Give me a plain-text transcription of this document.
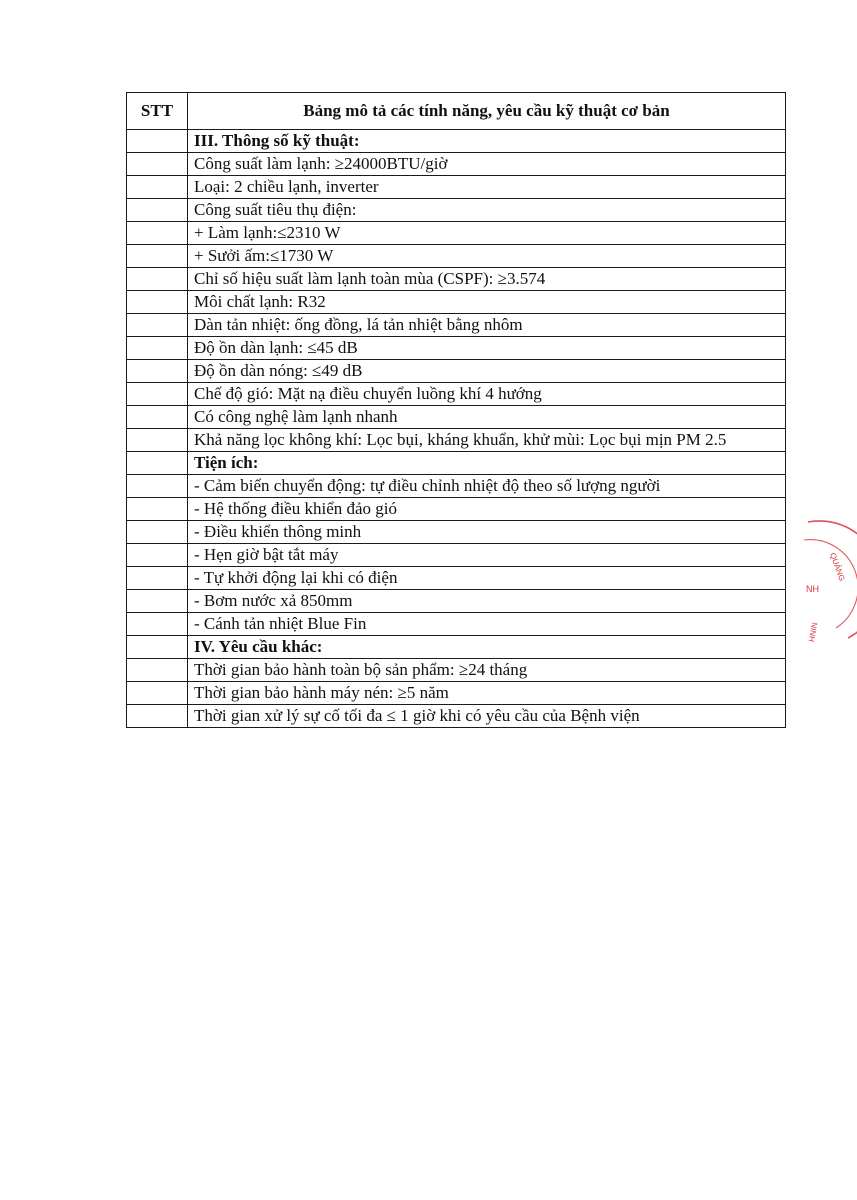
STT	Bảng mô tả các tính năng, yêu cầu kỹ thuật cơ bản
	III. Thông số kỹ thuật:
	Công suất làm lạnh: ≥24000BTU/giờ
	Loại: 2 chiều lạnh, inverter
	Công suất tiêu thụ điện:
	+ Làm lạnh:≤2310 W
	+ Sưởi ấm:≤1730 W
	Chỉ số hiệu suất làm lạnh toàn mùa (CSPF): ≥3.574
	Môi chất lạnh: R32
	Dàn tản nhiệt: ống đồng, lá tản nhiệt bằng nhôm
	Độ ồn dàn lạnh: ≤45 dB
	Độ ồn dàn nóng: ≤49 dB
	Chế độ gió: Mặt nạ điều chuyển luồng khí 4 hướng
	Có công nghệ làm lạnh nhanh
	Khả năng lọc không khí: Lọc bụi, kháng khuẩn, khử mùi: Lọc bụi mịn PM 2.5
	Tiện ích:
	- Cảm biến chuyển động: tự điều chỉnh nhiệt độ theo số lượng người
	- Hệ thống điều khiển đảo gió
	- Điều khiển thông minh
	- Hẹn giờ bật tắt máy
	- Tự khởi động lại khi có điện
	- Bơm nước xả 850mm
	- Cánh tản nhiệt Blue Fin
	IV. Yêu cầu khác:
	Thời gian bảo hành toàn bộ sản phẩm: ≥24 tháng
	Thời gian bảo hành máy nén: ≥5 năm
	Thời gian xử lý sự cố tối đa ≤ 1 giờ khi có yêu cầu của Bệnh viện
QUẢNG
NH
NINH
